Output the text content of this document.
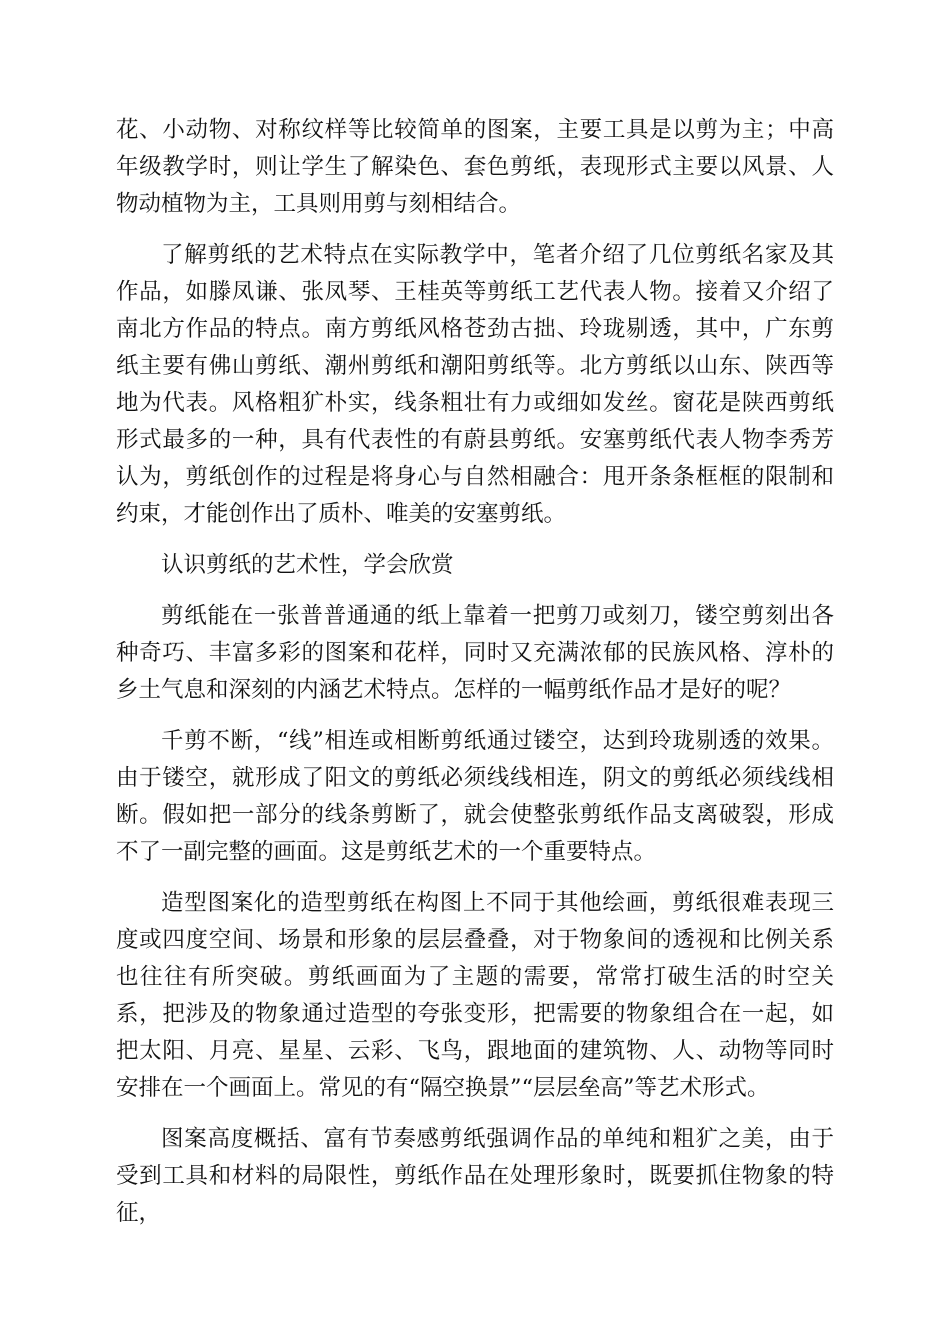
花、小动物、对称纹样等比较简单的图案，主要工具是以剪为主；中高年级教学时，则让学生了解染色、套色剪纸，表现形式主要以风景、人物动植物为主，工具则用剪与刻相结合。

了解剪纸的艺术特点在实际教学中，笔者介绍了几位剪纸名家及其作品，如滕凤谦、张凤琴、王桂英等剪纸工艺代表人物。接着又介绍了南北方作品的特点。南方剪纸风格苍劲古拙、玲珑剔透，其中，广东剪纸主要有佛山剪纸、潮州剪纸和潮阳剪纸等。北方剪纸以山东、陕西等地为代表。风格粗犷朴实，线条粗壮有力或细如发丝。窗花是陕西剪纸形式最多的一种，具有代表性的有蔚县剪纸。安塞剪纸代表人物李秀芳认为，剪纸创作的过程是将身心与自然相融合：甩开条条框框的限制和约束，才能创作出了质朴、唯美的安塞剪纸。

认识剪纸的艺术性，学会欣赏

剪纸能在一张普普通通的纸上靠着一把剪刀或刻刀，镂空剪刻出各种奇巧、丰富多彩的图案和花样，同时又充满浓郁的民族风格、淳朴的乡土气息和深刻的内涵艺术特点。怎样的一幅剪纸作品才是好的呢？

千剪不断，“线”相连或相断剪纸通过镂空，达到玲珑剔透的效果。由于镂空，就形成了阳文的剪纸必须线线相连，阴文的剪纸必须线线相断。假如把一部分的线条剪断了，就会使整张剪纸作品支离破裂，形成不了一副完整的画面。这是剪纸艺术的一个重要特点。

造型图案化的造型剪纸在构图上不同于其他绘画，剪纸很难表现三度或四度空间、场景和形象的层层叠叠，对于物象间的透视和比例关系也往往有所突破。剪纸画面为了主题的需要，常常打破生活的时空关系，把涉及的物象通过造型的夸张变形，把需要的物象组合在一起，如把太阳、月亮、星星、云彩、飞鸟，跟地面的建筑物、人、动物等同时安排在一个画面上。常见的有“隔空换景”“层层垒高”等艺术形式。

图案高度概括、富有节奏感剪纸强调作品的单纯和粗犷之美，由于受到工具和材料的局限性，剪纸作品在处理形象时，既要抓住物象的特征，
